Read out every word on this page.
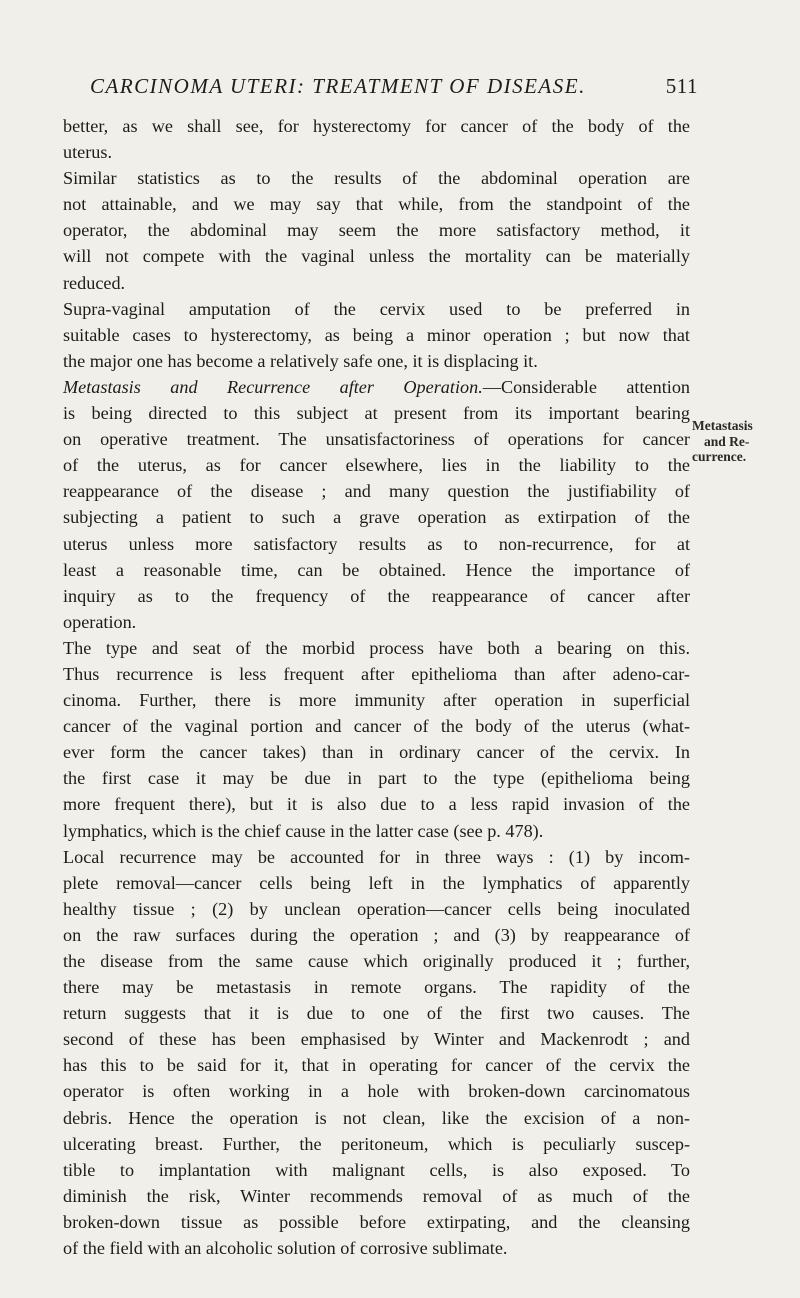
CARCINOMA UTERI: TREATMENT OF DISEASE.	511
Metastasis
and Re-
currence.

better, as we shall see, for hysterectomy for cancer of the body of the
uterus.

Similar statistics as to the results of the abdominal operation are
not attainable, and we may say that while, from the standpoint of the
operator, the abdominal may seem the more satisfactory method, it
will not compete with the vaginal unless the mortality can be materially
reduced.

Supra-vaginal amputation of the cervix used to be preferred in
suitable cases to hysterectomy, as being a minor operation ; but now that
the major one has become a relatively safe one, it is displacing it.

Metastasis and Recurrence after Operation.—Considerable attention
is being directed to this subject at present from its important bearing
on operative treatment. The unsatisfactoriness of operations for cancer
of the uterus, as for cancer elsewhere, lies in the liability to the
reappearance of the disease ; and many question the justifiability of
subjecting a patient to such a grave operation as extirpation of the
uterus unless more satisfactory results as to non-recurrence, for at
least a reasonable time, can be obtained. Hence the importance of
inquiry as to the frequency of the reappearance of cancer after
operation.

The type and seat of the morbid process have both a bearing on this.
Thus recurrence is less frequent after epithelioma than after adeno-car-
cinoma. Further, there is more immunity after operation in superficial
cancer of the vaginal portion and cancer of the body of the uterus (what-
ever form the cancer takes) than in ordinary cancer of the cervix. In
the first case it may be due in part to the type (epithelioma being
more frequent there), but it is also due to a less rapid invasion of the
lymphatics, which is the chief cause in the latter case (see p. 478).

Local recurrence may be accounted for in three ways : (1) by incom-
plete removal—cancer cells being left in the lymphatics of apparently
healthy tissue ; (2) by unclean operation—cancer cells being inoculated
on the raw surfaces during the operation ; and (3) by reappearance of
the disease from the same cause which originally produced it ; further,
there may be metastasis in remote organs. The rapidity of the
return suggests that it is due to one of the first two causes. The
second of these has been emphasised by Winter and Mackenrodt ; and
has this to be said for it, that in operating for cancer of the cervix the
operator is often working in a hole with broken-down carcinomatous
debris. Hence the operation is not clean, like the excision of a non-
ulcerating breast. Further, the peritoneum, which is peculiarly suscep-
tible to implantation with malignant cells, is also exposed. To
diminish the risk, Winter recommends removal of as much of the
broken-down tissue as possible before extirpating, and the cleansing
of the field with an alcoholic solution of corrosive sublimate.
